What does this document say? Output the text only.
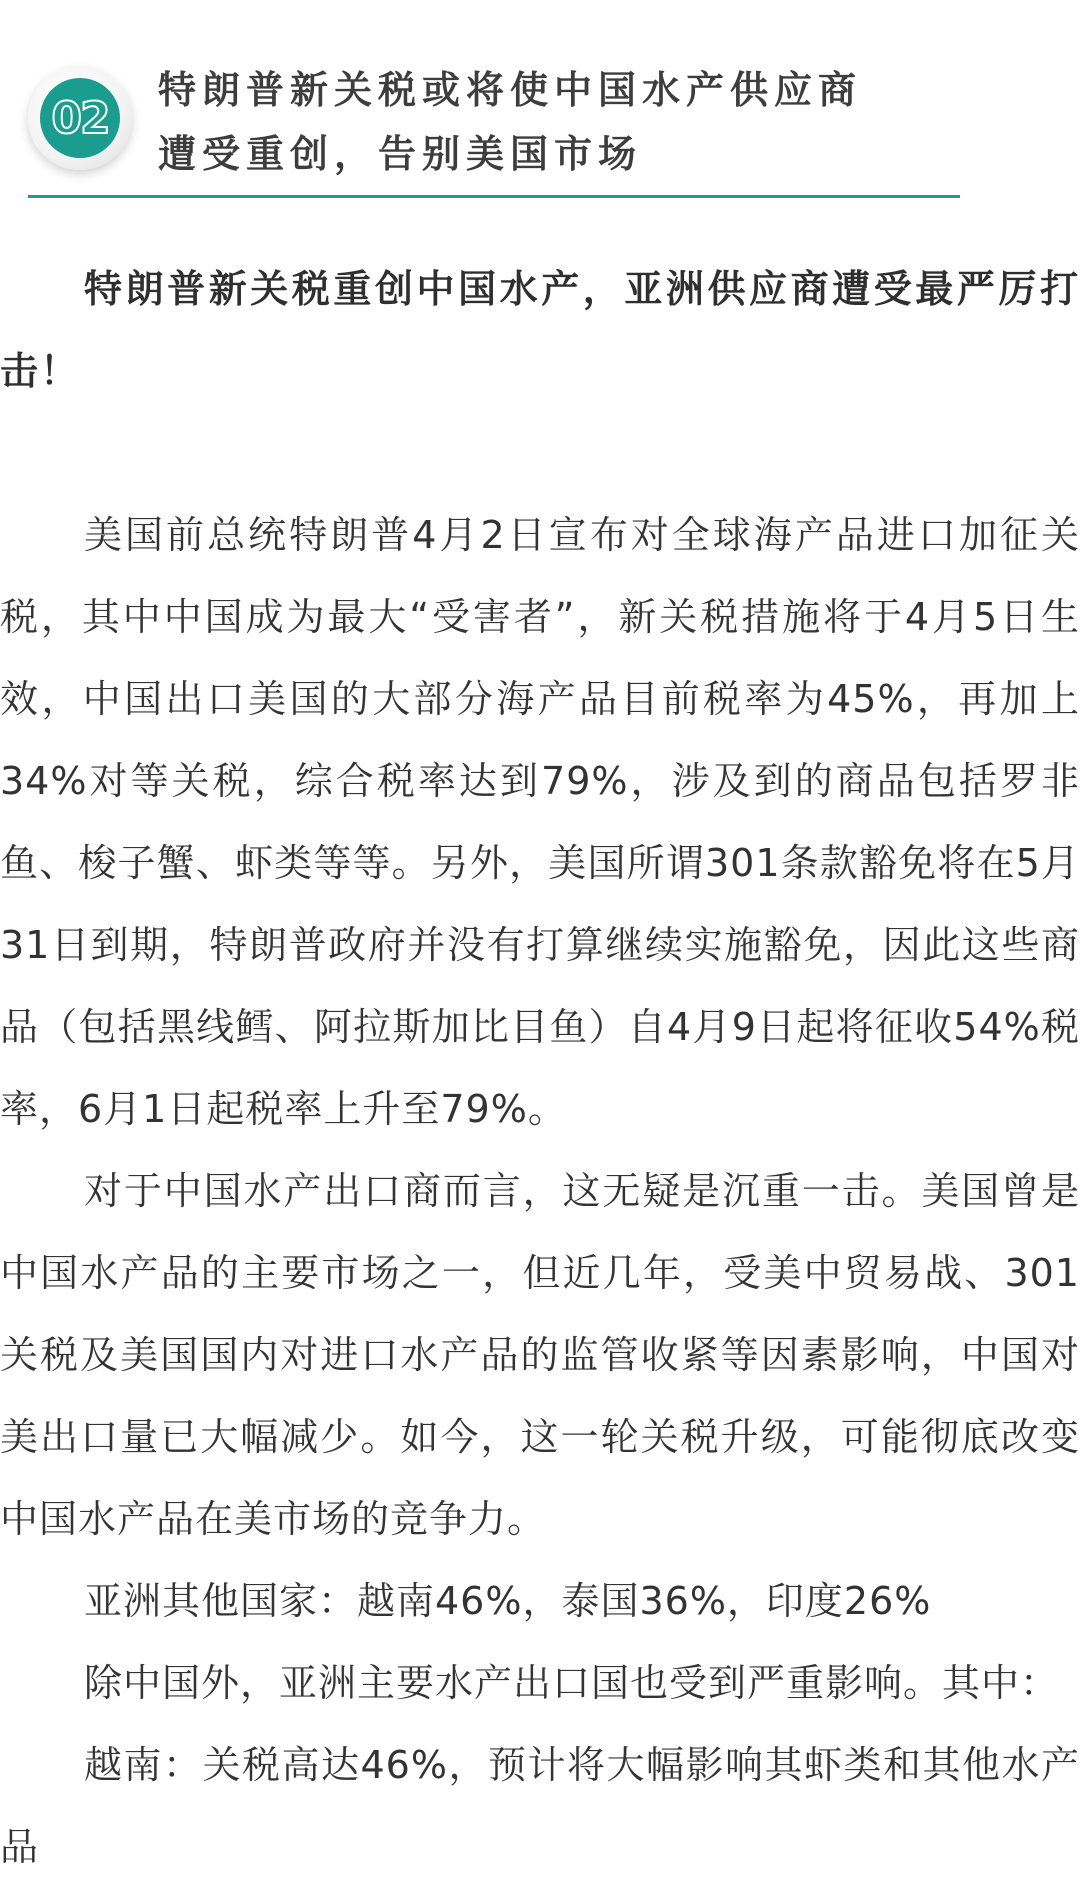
02
特朗普新关税或将使中国水产供应商
遭受重创，告别美国市场

特朗普新关税重创中国水产，亚洲供应商遭受最严厉打击！

美国前总统特朗普4月2日宣布对全球海产品进口加征关税，其中中国成为最大“受害者”，新关税措施将于4月5日生效，中国出口美国的大部分海产品目前税率为45%，再加上34%对等关税，综合税率达到79%，涉及到的商品包括罗非鱼、梭子蟹、虾类等等。另外，美国所谓301条款豁免将在5月31日到期，特朗普政府并没有打算继续实施豁免，因此这些商品（包括黑线鳕、阿拉斯加比目鱼）自4月9日起将征收54%税率，6月1日起税率上升至79%。

对于中国水产出口商而言，这无疑是沉重一击。美国曾是中国水产品的主要市场之一，但近几年，受美中贸易战、301关税及美国国内对进口水产品的监管收紧等因素影响，中国对美出口量已大幅减少。如今，这一轮关税升级，可能彻底改变中国水产品在美市场的竞争力。

亚洲其他国家：越南46%，泰国36%，印度26%

除中国外，亚洲主要水产出口国也受到严重影响。其中：

越南：关税高达46%，预计将大幅影响其虾类和其他水产品
